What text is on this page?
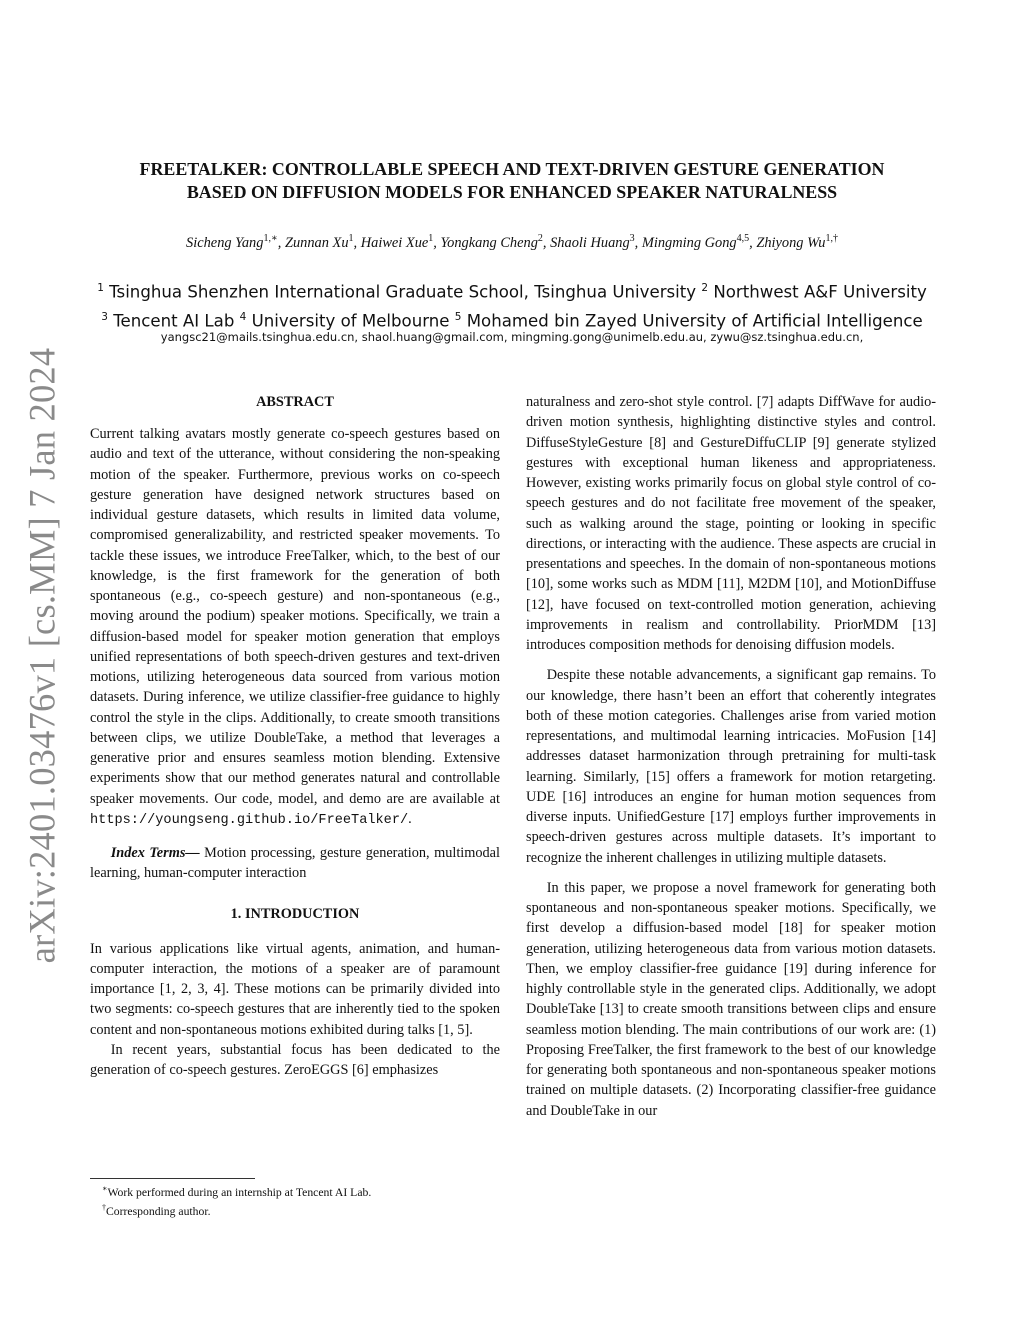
arXiv:2401.03476v1 [cs.MM] 7 Jan 2024
FREETALKER: CONTROLLABLE SPEECH AND TEXT-DRIVEN GESTURE GENERATION
BASED ON DIFFUSION MODELS FOR ENHANCED SPEAKER NATURALNESS
Sicheng Yang$^{1,∗}$, Zunnan Xu$^1$, Haiwei Xue$^1$, Yongkang Cheng$^2$, Shaoli Huang$^3$, Mingming Gong$^{4,5}$, Zhiyong $Wu^{1,\dagger}$
$^1$ Tsinghua Shenzhen International Graduate School, Tsinghua University $^2$ Northwest A&F University
$^3$ Tencent AI Lab $^4$ University of Melbourne $^5$ Mohamed bin Zayed University of Artificial Intelligence
yangsc21@mails.tsinghua.edu.cn, shaol.huang@gmail.com, mingming.gong@unimelb.edu.au, zywu@sz.tsinghua.edu.cn,
ABSTRACT

Current talking avatars mostly generate co-speech gestures based on audio and text of the utterance, without considering the non-speaking motion of the speaker. Furthermore, previous works on co-speech gesture generation have designed network structures based on individual gesture datasets, which results in limited data volume, compromised generalizability, and restricted speaker movements. To tackle these issues, we introduce FreeTalker, which, to the best of our knowledge, is the first framework for the generation of both spontaneous (e.g., co-speech gesture) and non-spontaneous (e.g., moving around the podium) speaker motions. Specifically, we train a diffusion-based model for speaker motion generation that employs unified representations of both speech-driven gestures and text-driven motions, utilizing heterogeneous data sourced from various motion datasets. During inference, we utilize classifier-free guidance to highly control the style in the clips. Additionally, to create smooth transitions between clips, we utilize DoubleTake, a method that leverages a generative prior and ensures seamless motion blending. Extensive experiments show that our method generates natural and controllable speaker movements. Our code, model, and demo are are available at https://youngseng.github.io/FreeTalker/.

Index Terms— Motion processing, gesture generation, multimodal learning, human-computer interaction

1. INTRODUCTION

In various applications like virtual agents, animation, and human-computer interaction, the motions of a speaker are of paramount importance [1, 2, 3, 4]. These motions can be primarily divided into two segments: co-speech gestures that are inherently tied to the spoken content and non-spontaneous motions exhibited during talks [1, 5].

In recent years, substantial focus has been dedicated to the generation of co-speech gestures. ZeroEGGS [6] emphasizes

naturalness and zero-shot style control. [7] adapts DiffWave for audio-driven motion synthesis, highlighting distinctive styles and control. DiffuseStyleGesture [8] and GestureDiffuCLIP [9] generate stylized gestures with exceptional human likeness and appropriateness. However, existing works primarily focus on global style control of co-speech gestures and do not facilitate free movement of the speaker, such as walking around the stage, pointing or looking in specific directions, or interacting with the audience. These aspects are crucial in presentations and speeches. In the domain of non-spontaneous motions [10], some works such as MDM [11], M2DM [10], and MotionDiffuse [12], have focused on text-controlled motion generation, achieving improvements in realism and controllability. PriorMDM [13] introduces composition methods for denoising diffusion models.

Despite these notable advancements, a significant gap remains. To our knowledge, there hasn’t been an effort that coherently integrates both of these motion categories. Challenges arise from varied motion representations, and multimodal learning intricacies. MoFusion [14] addresses dataset harmonization through pretraining for multi-task learning. Similarly, [15] offers a framework for motion retargeting. UDE [16] introduces an engine for human motion sequences from diverse inputs. UnifiedGesture [17] employs further improvements in speech-driven gestures across multiple datasets. It’s important to recognize the inherent challenges in utilizing multiple datasets.

In this paper, we propose a novel framework for generating both spontaneous and non-spontaneous speaker motions. Specifically, we first develop a diffusion-based model [18] for speaker motion generation, utilizing heterogeneous data from various motion datasets. Then, we employ classifier-free guidance [19] during inference for highly controllable style in the generated clips. Additionally, we adopt DoubleTake [13] to create smooth transitions between clips and ensure seamless motion blending. The main contributions of our work are: (1) Proposing FreeTalker, the first framework to the best of our knowledge for generating both spontaneous and non-spontaneous speaker motions trained on multiple datasets. (2) Incorporating classifier-free guidance and DoubleTake in our

∗Work performed during an internship at Tencent AI Lab.
†Corresponding author.
